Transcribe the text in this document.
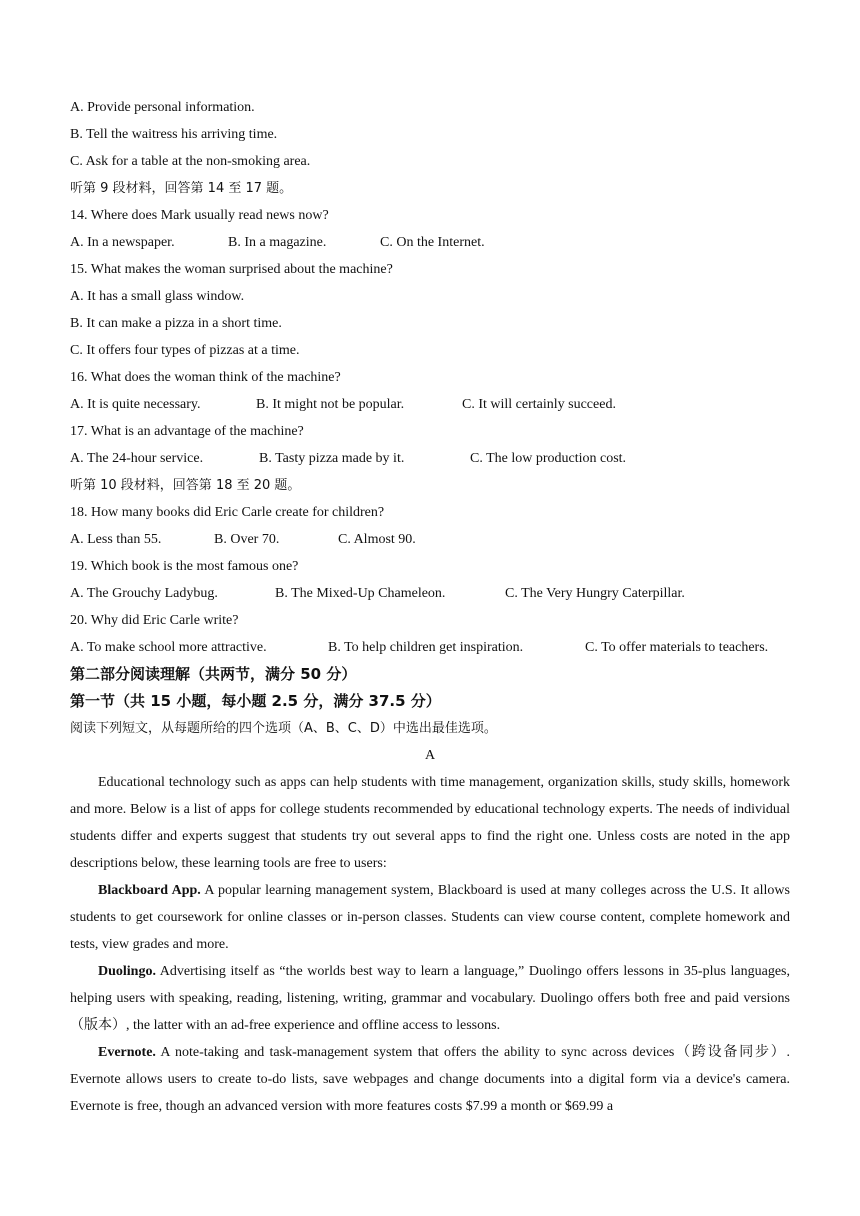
A. Provide personal information.
B. Tell the waitress his arriving time.
C. Ask for a table at the non-smoking area.
听第 9 段材料，回答第 14 至 17 题。
14. Where does Mark usually read news now?
A. In a newspaper.	B. In a magazine.	C. On the Internet.
15. What makes the woman surprised about the machine?
A. It has a small glass window.
B. It can make a pizza in a short time.
C. It offers four types of pizzas at a time.
16. What does the woman think of the machine?
A. It is quite necessary.	B. It might not be popular.	C. It will certainly succeed.
17. What is an advantage of the machine?
A. The 24-hour service.	B. Tasty pizza made by it.	C. The low production cost.
听第 10 段材料，回答第 18 至 20 题。
18. How many books did Eric Carle create for children?
A. Less than 55.	B. Over 70.	C. Almost 90.
19. Which book is the most famous one?
A. The Grouchy Ladybug.	B. The Mixed-Up Chameleon.	C. The Very Hungry Caterpillar.
20. Why did Eric Carle write?
A. To make school more attractive.	B. To help children get inspiration.	C. To offer materials to teachers.
第二部分阅读理解（共两节，满分 50 分）
第一节（共 15 小题，每小题 2.5 分，满分 37.5 分）
阅读下列短文，从每题所给的四个选项（A、B、C、D）中选出最佳选项。
A

Educational technology such as apps can help students with time management, organization skills, study skills, homework and more. Below is a list of apps for college students recommended by educational technology experts. The needs of individual students differ and experts suggest that students try out several apps to find the right one. Unless costs are noted in the app descriptions below, these learning tools are free to users:

Blackboard App. A popular learning management system, Blackboard is used at many colleges across the U.S. It allows students to get coursework for online classes or in-person classes. Students can view course content, complete homework and tests, view grades and more.

Duolingo. Advertising itself as “the worlds best way to learn a language,” Duolingo offers lessons in 35-plus languages, helping users with speaking, reading, listening, writing, grammar and vocabulary. Duolingo offers both free and paid versions（版本）, the latter with an ad-free experience and offline access to lessons.

Evernote. A note-taking and task-management system that offers the ability to sync across devices（跨设备同步）. Evernote allows users to create to-do lists, save webpages and change documents into a digital form via a device's camera. Evernote is free, though an advanced version with more features costs $7.99 a month or $69.99 a
